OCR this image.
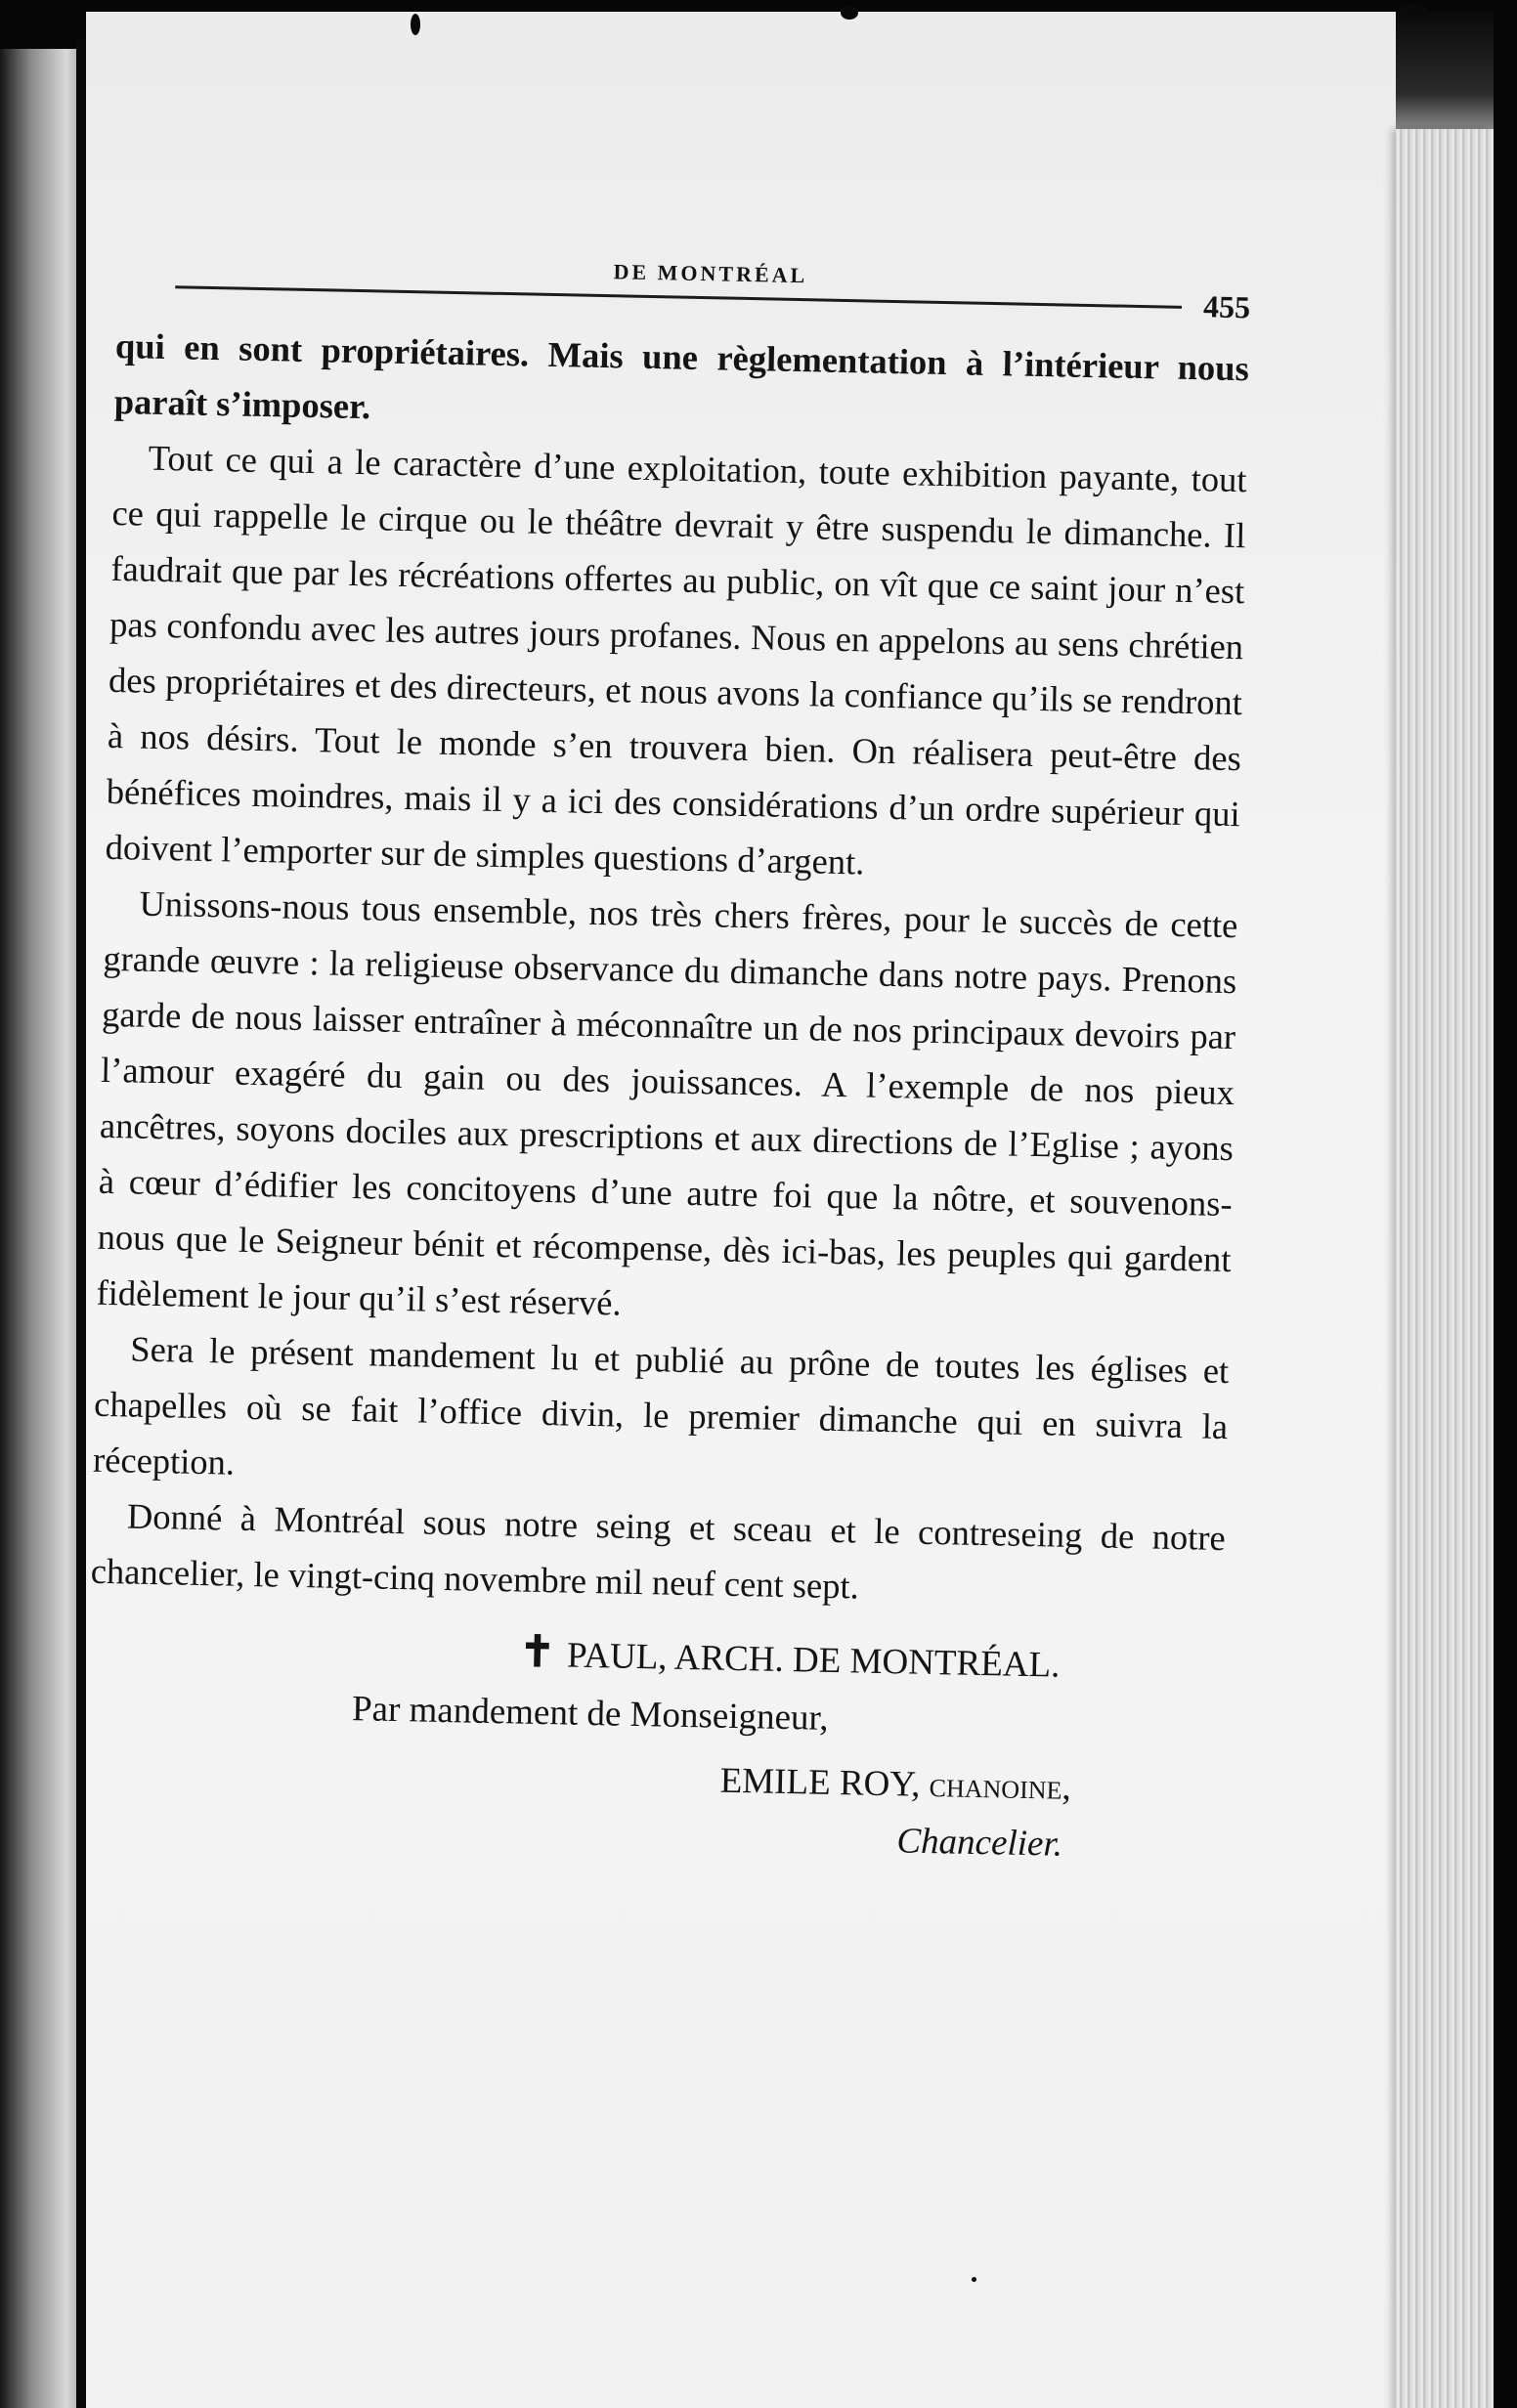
DE MONTRÉAL
455

qui en sont propriétaires. Mais une règlementation à l’intérieur nous paraît s’imposer.

Tout ce qui a le caractère d’une exploitation, toute exhibition payante, tout ce qui rappelle le cirque ou le théâtre devrait y être suspendu le dimanche. Il faudrait que par les récréations offertes au public, on vît que ce saint jour n’est pas confondu avec les autres jours profanes. Nous en appelons au sens chrétien des propriétaires et des directeurs, et nous avons la confiance qu’ils se rendront à nos désirs. Tout le monde s’en trouvera bien. On réalisera peut-être des bénéfices moindres, mais il y a ici des considérations d’un ordre supérieur qui doivent l’emporter sur de simples questions d’argent.

Unissons-nous tous ensemble, nos très chers frères, pour le succès de cette grande œuvre : la religieuse observance du dimanche dans notre pays. Prenons garde de nous laisser entraîner à méconnaître un de nos principaux devoirs par l’amour exagéré du gain ou des jouissances. A l’exemple de nos pieux ancêtres, soyons dociles aux prescriptions et aux directions de l’Eglise ; ayons à cœur d’édifier les concitoyens d’une autre foi que la nôtre, et souvenons-nous que le Seigneur bénit et récompense, dès ici-bas, les peuples qui gardent fidèlement le jour qu’il s’est réservé.

Sera le présent mandement lu et publié au prône de toutes les églises et chapelles où se fait l’office divin, le premier dimanche qui en suivra la réception.

Donné à Montréal sous notre seing et sceau et le contreseing de notre chancelier, le vingt-cinq novembre mil neuf cent sept.

✝ PAUL, ARCH. DE MONTRÉAL.
Par mandement de Monseigneur,
EMILE ROY, chanoine,
Chancelier.
